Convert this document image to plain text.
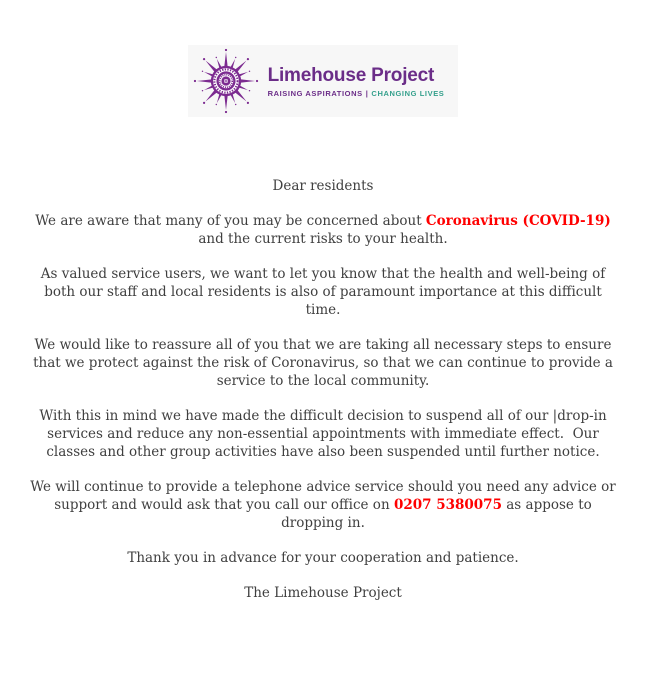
Limehouse Project
RAISING ASPIRATIONS | CHANGING LIVES

Dear residents

We are aware that many of you may be concerned about Coronavirus (COVID-19)
and the current risks to your health.

As valued service users, we want to let you know that the health and well-being of
both our staff and local residents is also of paramount importance at this difficult
time.

We would like to reassure all of you that we are taking all necessary steps to ensure
that we protect against the risk of Coronavirus, so that we can continue to provide a
service to the local community.

With this in mind we have made the difficult decision to suspend all of our |drop-in
services and reduce any non-essential appointments with immediate effect.  Our
classes and other group activities have also been suspended until further notice.

We will continue to provide a telephone advice service should you need any advice or
support and would ask that you call our office on 0207 5380075 as appose to
dropping in.

Thank you in advance for your cooperation and patience.

The Limehouse Project
